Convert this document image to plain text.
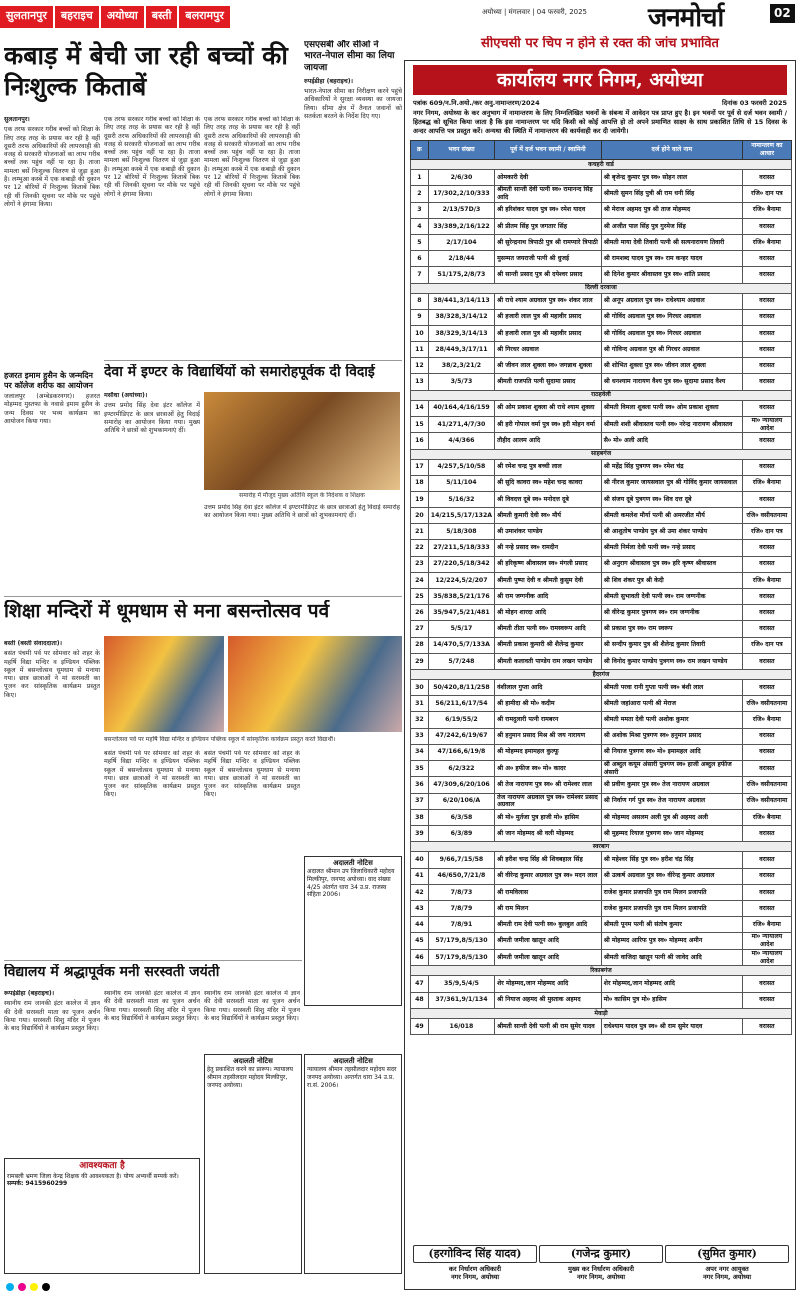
सुलतानपुर	बहराइच	अयोध्या	बस्ती	बलरामपुर	अयोध्या | मंगलवार | 04 फरवरी, 2025 जनमोर्चा	02
सीएचसी पर चिप न होने से रक्त की जांच प्रभावित
कबाड़ में बेची जा रही बच्चों की निःशुल्क किताबें

सुलतानपुर।

एक तरफ सरकार गरीब बच्चों को शिक्षा के लिए तरह तरह के प्रयास कर रही है वहीं दूसरी तरफ अधिकारियों की लापरवाही की वजह से सरकारी योजनाओं का लाभ गरीब बच्चों तक पहुंच नहीं पा रहा है। ताजा मामला बसें निःशुल्क वितरण से जुड़ा हुआ है। लम्भुआ कस्बे में एक कबाड़ी की दुकान पर 12 बोरियों में निःशुल्क किताबें बिक रही थीं जिनकी सूचना पर मौके पर पहुंचे लोगों ने हंगामा किया।

एक तरफ सरकार गरीब बच्चों को शिक्षा के लिए तरह तरह के प्रयास कर रही है वहीं दूसरी तरफ अधिकारियों की लापरवाही की वजह से सरकारी योजनाओं का लाभ गरीब बच्चों तक पहुंच नहीं पा रहा है। ताजा मामला बसें निःशुल्क वितरण से जुड़ा हुआ है। लम्भुआ कस्बे में एक कबाड़ी की दुकान पर 12 बोरियों में निःशुल्क किताबें बिक रही थीं जिनकी सूचना पर मौके पर पहुंचे लोगों ने हंगामा किया।

एक तरफ सरकार गरीब बच्चों को शिक्षा के लिए तरह तरह के प्रयास कर रही है वहीं दूसरी तरफ अधिकारियों की लापरवाही की वजह से सरकारी योजनाओं का लाभ गरीब बच्चों तक पहुंच नहीं पा रहा है। ताजा मामला बसें निःशुल्क वितरण से जुड़ा हुआ है। लम्भुआ कस्बे में एक कबाड़ी की दुकान पर 12 बोरियों में निःशुल्क किताबें बिक रही थीं जिनकी सूचना पर मौके पर पहुंचे लोगों ने हंगामा किया।

एसएसबी और सीओ ने भारत-नेपाल सीमा का लिया जायजा

रुपईडीहा (बहराइच)।

भारत-नेपाल सीमा का निरीक्षण करने पहुंचे अधिकारियों ने सुरक्षा व्यवस्था का जायजा लिया। सीमा क्षेत्र में तैनात जवानों को सतर्कता बरतने के निर्देश दिए गए।

हजरत इमाम हुसैन के जन्मदिन पर कॉलेज शरीफ का आयोजन

जलालपुर (अम्बेडकरनगर)। हजरत मोहम्मद मुस्तफा के नवासे इमाम हुसैन के जन्म दिवस पर भव्य कार्यक्रम का आयोजन किया गया।

देवा में इण्टर के विद्यार्थियों को समारोहपूर्वक दी विदाई

मसौधा (अयोध्या)।

उत्तम प्रमोद सिंह देवा इंटर कॉलेज में इण्टरमीडिएट के छात्र छात्राओं हेतु विदाई समारोह का आयोजन किया गया। मुख्य अतिथि ने छात्रों को शुभकामनाएं दीं।

समारोह में मौजूद मुख्य अतिथि स्कूल के निदेशक व शिक्षक

उत्तम प्रमोद सिंह देवा इंटर कॉलेज में इण्टरमीडिएट के छात्र छात्राओं हेतु विदाई समारोह का आयोजन किया गया। मुख्य अतिथि ने छात्रों को शुभकामनाएं दीं।

शिक्षा मन्दिरों में धूमधाम से मना बसन्तोत्सव पर्व

बस्ती (बस्ती संवाददाता)।

बसंत पंचमी पर्व पर सोमवार को शहर के महर्षि विद्या मन्दिर व इण्डियन पब्लिक स्कूल में बसन्तोत्सव धूमधाम से मनाया गया। छात्र छात्राओं ने मां सरस्वती का पूजन कर सांस्कृतिक कार्यक्रम प्रस्तुत किए।

बसन्तोत्सव पर्व पर महर्षि विद्या मन्दिर व इण्डियन पब्लिक स्कूल में सांस्कृतिक कार्यक्रम प्रस्तुत करते विद्यार्थी।

बसंत पंचमी पर्व पर सोमवार को शहर के महर्षि विद्या मन्दिर व इण्डियन पब्लिक स्कूल में बसन्तोत्सव धूमधाम से मनाया गया। छात्र छात्राओं ने मां सरस्वती का पूजन कर सांस्कृतिक कार्यक्रम प्रस्तुत किए।

बसंत पंचमी पर्व पर सोमवार को शहर के महर्षि विद्या मन्दिर व इण्डियन पब्लिक स्कूल में बसन्तोत्सव धूमधाम से मनाया गया। छात्र छात्राओं ने मां सरस्वती का पूजन कर सांस्कृतिक कार्यक्रम प्रस्तुत किए।

अदालती नोटिस
अदालत श्रीमान उप जिलाधिकारी महोदय मिल्कीपुर, जनपद अयोध्या। वाद संख्या 4/25 अंतर्गत धारा 34 उ.प्र. राजस्व संहिता 2006।
विद्यालय में श्रद्धापूर्वक मनी सरस्वती जयंती

रूपईडीहा (बहराइच)।

स्थानीय राम जानकी इंटर कालेज में ज्ञान की देवी सरस्वती माता का पूजन अर्चन किया गया। सरस्वती शिशु मंदिर में पूजन के बाद विद्यार्थियों ने कार्यक्रम प्रस्तुत किए।

स्थानीय राम जानकी इंटर कालेज में ज्ञान की देवी सरस्वती माता का पूजन अर्चन किया गया। सरस्वती शिशु मंदिर में पूजन के बाद विद्यार्थियों ने कार्यक्रम प्रस्तुत किए।

स्थानीय राम जानकी इंटर कालेज में ज्ञान की देवी सरस्वती माता का पूजन अर्चन किया गया। सरस्वती शिशु मंदिर में पूजन के बाद विद्यार्थियों ने कार्यक्रम प्रस्तुत किए।

अदालती नोटिस
हेतु प्रकाशित करने का प्रारूप। न्यायालय श्रीमान तहसीलदार महोदय मिल्कीपुर, जनपद अयोध्या।
अदालती नोटिस
न्यायालय श्रीमान तहसीलदार महोदय सदर जनपद अयोध्या। अन्तर्गत धारा 34 उ.प्र. रा.सं. 2006।
आवश्यकता है
रामबली भ्रमण जिला केन्द्र शिक्षक की आवश्यकता है। योग्य अभ्यर्थी सम्पर्क करें।
सम्पर्क: 9415960299
कार्यालय नगर निगम, अयोध्या
पत्रांक 609/न.नि.अयो./कर अनु.नामान्तरण/2024	दिनांक 03 फरवरी 2025
नगर निगम, अयोध्या के कर अनुभाग में नामान्तरण के लिए निम्नलिखित भवनों के संबन्ध में आवेदन पत्र प्राप्त हुए है। इन भवनों पर पूर्व से दर्ज भवन स्वामी / हितबद्ध को सूचित किया जाता है कि इस नामान्तरण पर यदि किसी को कोई आपत्ति हो तो अपने प्रमाणित साक्ष्य के साथ प्रकाशित तिथि से 15 दिवस के अन्दर आपत्ति पत्र प्रस्तुत करें। अन्यथा की स्थिति में नामान्तरण की कार्यवाही कर दी जायेगी।
क्र	भवन संख्या	पूर्व में दर्ज भवन स्वामी / स्वामिनी	दर्ज होने वाले नाम	नामान्तरण का आधार
कचहरी वार्ड				
1	2/6/30	ओमकारी देवी	श्री बृजेन्द्र कुमार पुत्र स्व० सोहन लाल	वरासत
2	17/302,2/10/333	श्रीमती सान्ती देवी पत्नी स्व० रामानन्द सिंह आदि	श्रीमती सुमन सिंह पुत्री श्री राम धनी सिंह	रजि० दान पत्र
3	2/13/57D/3	श्री हरिशंकर यादव पुत्र स्व० रमेश यादव	श्री मेराज अहमद पुत्र श्री ताज मोहम्मद	रजि० बैनामा
4	33/389,2/16/122	श्री प्रीतम सिंह पुत्र जगतार सिंह	श्री अजीत पाल सिंह पुत्र गुरमेज सिंह	वरासत
5	2/17/104	श्री सुरेन्द्रनाथ त्रिपाठी पुत्र श्री रामप्यारे त्रिपाठी	श्रीमती माया देवी तिवारी पत्नी श्री सत्यनारायण तिवारी	रजि० बैनामा
6	2/18/44	मुसम्मत जयराजी पत्नी श्री धुजई	श्री रामशब्द यादव पुत्र स्व० राम कन्हर यादव	वरासत
7	51/175,2/8/73	श्री सान्ती प्रसाद पुत्र श्री दयेश्वर प्रसाद	श्री दिनेश कुमार श्रीवास्तव पुत्र स्व० शांति प्रसाद	वरासत
दिल्ली दरवाजा				
8	38/441,3/14/113	श्री राधे श्याम अग्रवाल पुत्र स्व० शंकर लाल	श्री अनूप अग्रवाल पुत्र स्व० राधेश्याम अग्रवाल	वरासत
9	38/328,3/14/12	श्री हजारी लाल पुत्र श्री महावीर प्रसाद	श्री गोविंद अग्रवाल पुत्र स्व० गिरधर अग्रवाल	वरासत
10	38/329,3/14/13	श्री हजारी लाल पुत्र श्री महावीर प्रसाद	श्री गोविंद अग्रवाल पुत्र स्व० गिरधर अग्रवाल	वरासत
11	28/449,3/17/11	श्री गिरधर अग्रवाल	श्री गोविन्द अग्रवाल पुत्र श्री गिरधर अग्रवाल	वरासत
12	38/2,3/21/2	श्री जीवन लाल शुक्ला स्व० जगन्नाथ शुक्ला	श्री शोभित शुक्ला पुत्र स्व० जीवन लाल शुक्ला	वरासत
13	3/5/73	श्रीमती राजपति पत्नी सुदामा प्रसाद	श्री धनश्याम नारायण वैश्य पुत्र स्व० सुदामा प्रसाद वैश्य	वरासत
राठहवेली				
14	40/164,4/16/159	श्री ओम प्रकाश शुक्ला श्री राधे श्याम शुक्ला	श्रीमती विमला शुक्ला पत्नी स्व० ओम प्रकाश शुक्ला	वरासत
15	41/271,4/7/30	श्री हरी गोपाल वर्मा पुत्र स्व० हरी मोहन वर्मा	श्रीमती शशी श्रीवास्तव पत्नी स्व० नरेन्द्र नारायण श्रीवास्तव	मा० न्यायालय आदेश
16	4/4/366	तौहीद आलम आदि	सै० मो० अली आदि	वरासत
साहबगंज				
17	4/257,5/10/58	श्री रमेश चन्द्र पुत्र बच्ची लाल	श्री महेंद्र सिंह पुत्रगण स्व० रमेश चंद्र	वरासत
18	5/11/104	श्री सुदि कावरा स्व० महेश चन्द्र कावरा	श्री नीरज कुमार जायसवाल पुत्र श्री गोविंद कुमार जायसवाल	रजि० बैनामा
19	5/16/32	श्री विवदत्त दूबे स्व० मनोदत्त दूबे	श्री संजय दूबे पुत्रगण स्व० शिव दत्त दूबे	वरासत
20	14/215,5/17/132A	श्रीमती कुमारी देवी स्व० मौर्य	श्रीमती कमलेश मौर्या पत्नी श्री अमरजीत मौर्य	रजि० वसीयतनामा
21	5/18/308	श्री उमाशंकर पाण्डेय	श्री आशुतोष पाण्डेय पुत्र श्री उमा शंकर पाण्डेय	रजि० दान पत्र
22	27/211,5/18/333	श्री नन्हे प्रसाद स्व० रामदीन	श्रीमती निर्मला देवी पत्नी स्व० नन्हे प्रसाद	वरासत
23	27/220,5/18/342	श्री हरिकृष्ण श्रीवास्तव स्व० मंगली प्रसाद	श्री अनुराग श्रीवास्तव पुत्र स्व० हरि कृष्ण श्रीवास्तव	वरासत
24	12/224,5/2/207	श्रीमती पुष्पा देवी व श्रीमती कुसुम देवी	श्री शिव शंकर पुत्र श्री केदी	रजि० बैनामा
25	35/838,5/21/176	श्री राम जग्गनीक आदि	श्रीमती सुभावती देवी पत्नी स्व० राम जग्गनीक	वरासत
26	35/947,5/21/481	श्री मोहन शारदा आदि	श्री वीरेन्द्र कुमार पुत्रगण स्व० राम जग्गनीक	वरासत
27	5/5/17	श्रीमती तीता पत्नी स्व० रामस्वरूप आदि	श्री प्रकाश पुत्र स्व० राम स्वरूप	वरासत
28	14/470,5/7/133A	श्रीमती प्रकाश कुमारी श्री शैलेन्द्र कुमार	श्री सन्दीप कुमार पुत्र श्री शैलेन्द्र कुमार तिवारी	रजि० दान पत्र
29	5/7/248	श्रीमती कलावती पाण्डेय राम लखन पाण्डेय	श्री विनोद कुमार पाण्डेय पुत्रगण स्व० राम लखन पाण्डेय	वरासत
हैदरगंज				
30	50/420,8/11/258	वंशीलाल गुप्ता आदि	श्रीमती परवा रानी गुप्ता पत्नी स्व० बंशी लाल	वरासत
31	56/211,6/17/54	श्री हामीदा श्री मो० कदीम	श्रीमती जहांआरा पत्नी श्री मेराज	रजि० वसीयतनामा
32	6/19/55/2	श्री रामदुलारी पत्नी रामबरन	श्रीमती ममता देवी पत्नी अशोक कुमार	रजि० बैनामा
33	47/242,6/19/67	श्री हनुमान प्रसाद मिश्र श्री जय नारायण	श्री अशोक मिश्रा पुत्रगण स्व० हनुमान प्रसाद	वरासत
34	47/166,6/19/8	श्री मोहम्मद इमामहल कुल्फू	श्री नियाज पुत्रगण स्व० मो० इमामहल आदि	वरासत
35	6/2/322	श्री अ० हफीज स्व० मो० कादर	श्री अब्दुल कयूम अंसारी पुत्रगण स्व० हाजी अब्दुल हफीज अंसारी	वरासत
36	47/309,6/20/106	श्री तेज नारायण पुत्र स्व० श्री रामेश्वर लाल	श्री प्रवीण कुमार पुत्र स्व० तेज नारायण अग्रवाल	रजि० वसीयतनामा
37	6/20/106/A	तेज नारायण अग्रवाल पुत्र स्व० रामेश्वर प्रसाद अग्रवाल	श्री निर्वाण गर्ग पुत्र स्व० तेज नारायण अग्रवाल	रजि० वसीयतनामा
38	6/3/58	श्री मो० मुर्तजा पुत्र हाजी मो० हासिम	श्री मोहम्मद असलम अली पुत्र श्री अहमद अली	रजि० बैनामा
39	6/3/89	श्री जान मोहम्मद श्री वली मोहम्मद	श्री मुहम्मद रियाज पुत्रगण स्व० जान मोहम्मद	वरासत
स्वरबाग				
40	9/66,7/15/58	श्री हरीश चन्द्र सिंह श्री शिवबहाल सिंह	श्री महेश्वर सिंह पुत्र स्व० हरीश चंद्र सिंह	वरासत
41	46/650,7/21/8	श्री वीरेन्द्र कुमार अग्रवाल पुत्र स्व० मदन लाल	श्री उत्कर्ष अग्रवाल पुत्र स्व० वीरेन्द्र कुमार अग्रवाल	वरासत
42	7/8/73	श्री रामविलास	राजेश कुमार प्रजापति पुत्र राम मिलन प्रजापति	वरासत
43	7/8/79	श्री राम मिलन	राजेश कुमार प्रजापति पुत्र राम मिलन प्रजापति	वरासत
44	7/8/91	श्रीमती राम देवी पत्नी स्व० बुलबुल आदि	श्रीमती पूनम पत्नी श्री संतोष कुमार	रजि० बैनामा
45	57/179,8/5/130	श्रीमती जमीला खातून आदि	श्री मोहम्मद आरिफ पुत्र स्व० मोहम्मद अमीन	मा० न्यायालय आदेश
46	57/179,8/5/130	श्रीमती जमीला खातून आदि	श्रीमती वाजिदा खातून पत्नी श्री जावेद आदि	मा० न्यायालय आदेश
रिकाबगंज				
47	35/9,5/4/5	शेर मोहम्मद,जान मोहम्मद आदि	शेर मोहम्मद,जान मोहम्मद आदि	वरासत
48	37/361,9/1/134	श्री नियाज अहमद श्री मुस्ताक अहमद	मो० कासिम पुत्र मो० हासिम	वरासत
मेवाड़ी				
49	16/018	श्रीमती सान्ती देवी पत्नी श्री राम सुमेर यादव	राधेश्याम यादव पुत्र स्व० श्री राम सुमेर यादव	वरासत
(हरगोविन्द सिंह यादव)
कर निर्धारण अधिकारी
नगर निगम, अयोध्या
(गजेन्द्र कुमार)
मुख्य कर निर्धारण अधिकारी
नगर निगम, अयोध्या
(सुमित कुमार)
अपर नगर आयुक्त
नगर निगम, अयोध्या
